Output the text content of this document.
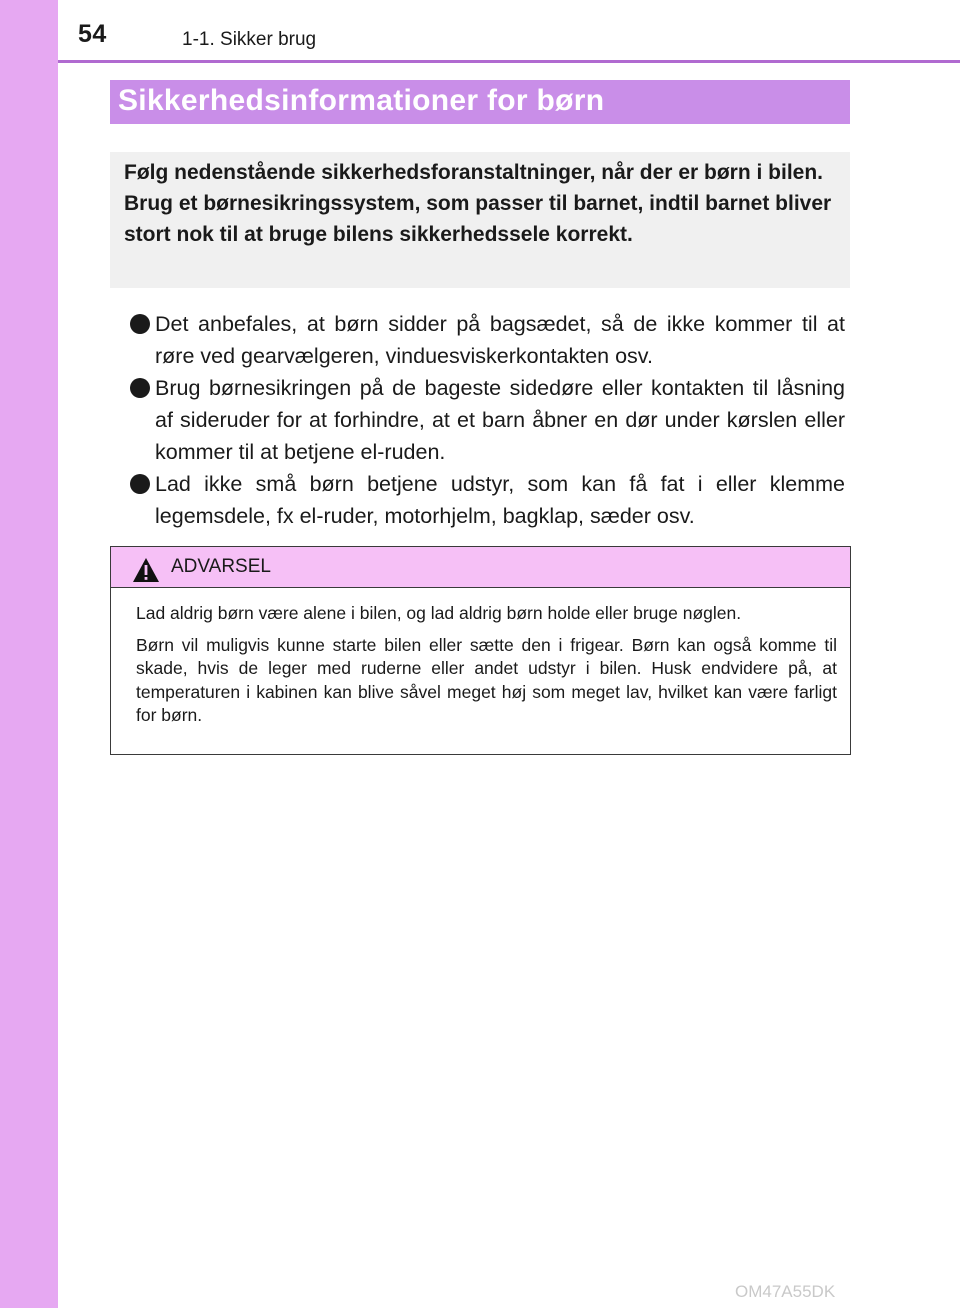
54	1-1. Sikker brug
Sikkerhedsinformationer for børn
Følg nedenstående sikkerhedsforanstaltninger, når der er børn i bilen. Brug et børnesikringssystem, som passer til barnet, indtil barnet bliver stort nok til at bruge bilens sikkerhedssele korrekt.
Det anbefales, at børn sidder på bagsædet, så de ikke kommer til at røre ved gearvælgeren, vinduesviskerkontakten osv.
Brug børnesikringen på de bageste sidedøre eller kontakten til låsning af sideruder for at forhindre, at et barn åbner en dør under kørslen eller kommer til at betjene el-ruden.
Lad ikke små børn betjene udstyr, som kan få fat i eller klemme legemsdele, fx el-ruder, motorhjelm, bagklap, sæder osv.
ADVARSEL

Lad aldrig børn være alene i bilen, og lad aldrig børn holde eller bruge nøglen.

Børn vil muligvis kunne starte bilen eller sætte den i frigear. Børn kan også komme til skade, hvis de leger med ruderne eller andet udstyr i bilen. Husk endvidere på, at temperaturen i kabinen kan blive såvel meget høj som meget lav, hvilket kan være farligt for børn.

OM47A55DK
